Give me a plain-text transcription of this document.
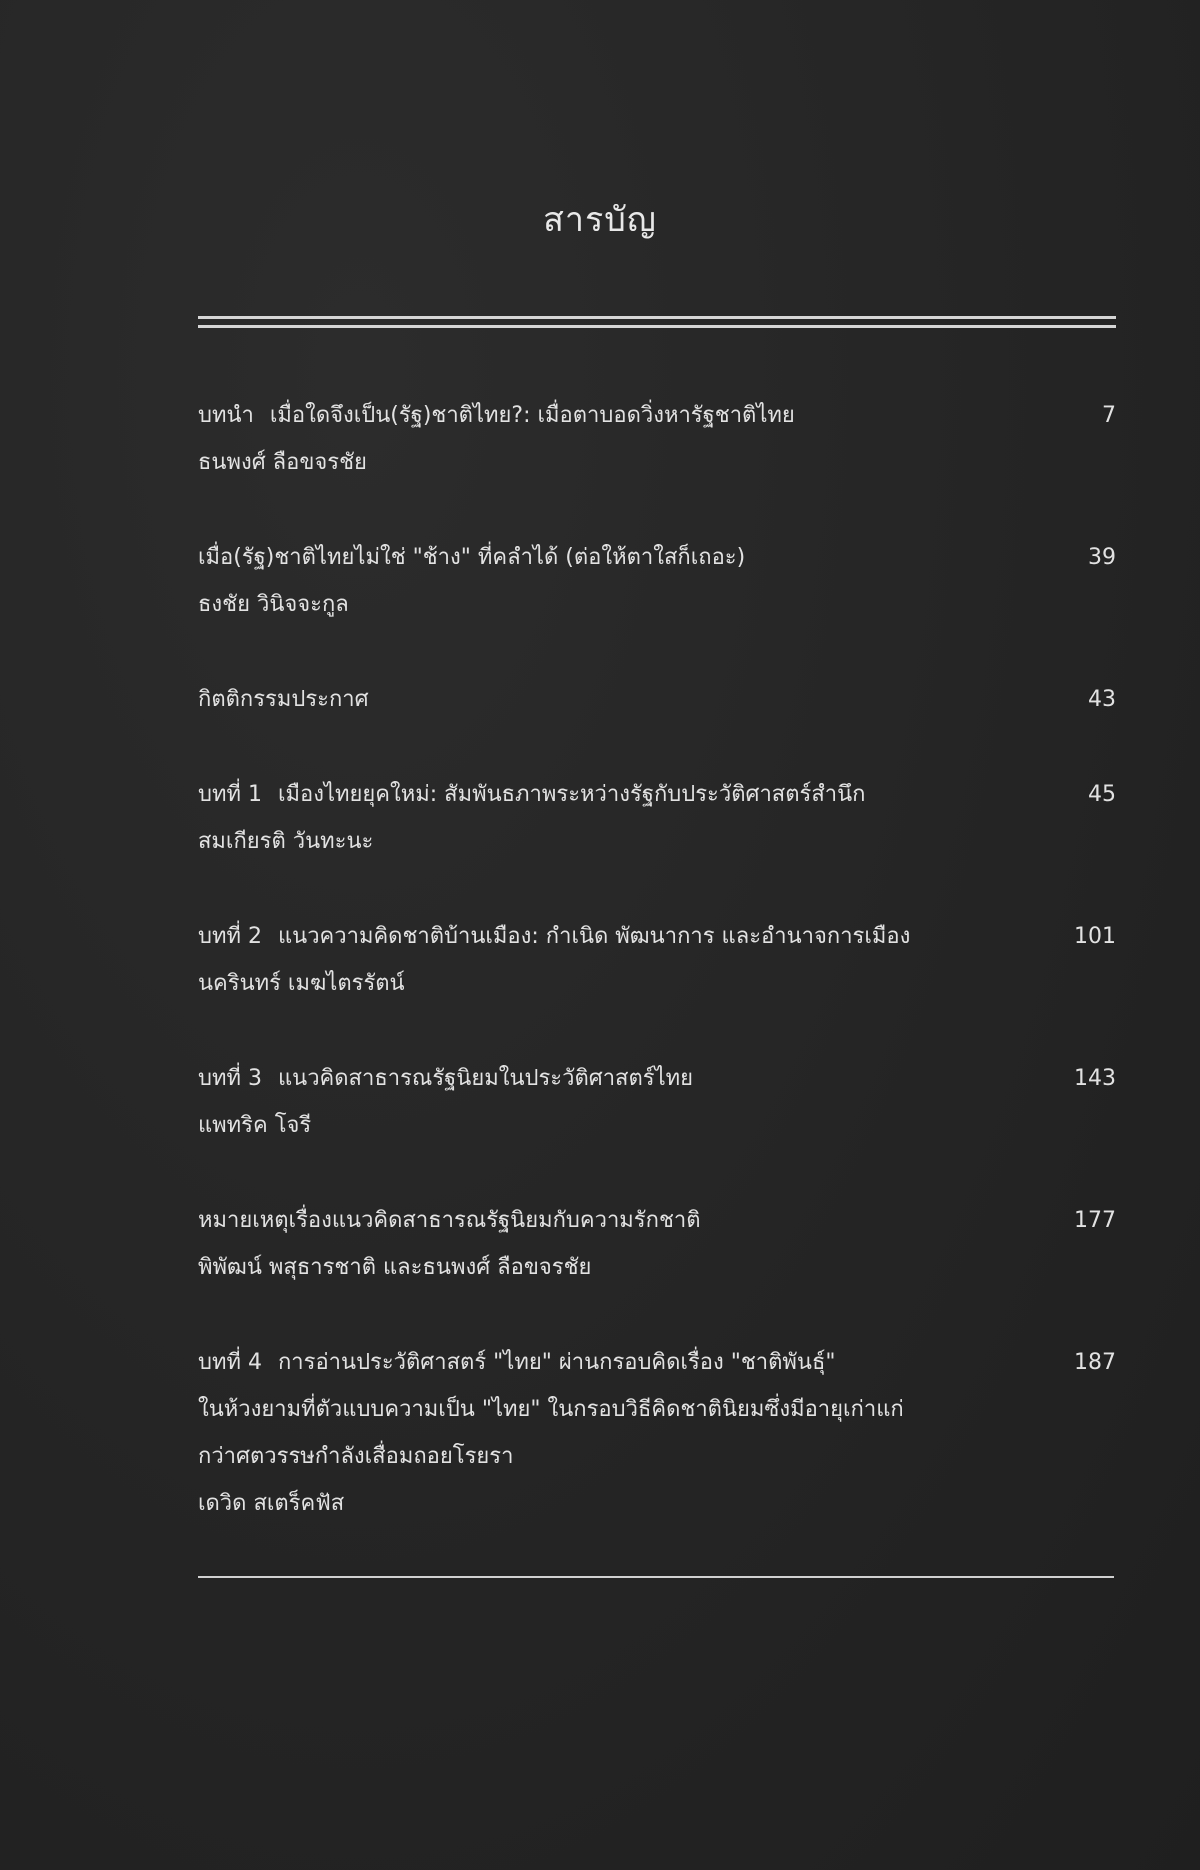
สารบัญ
บทนำ เมื่อใดจึงเป็น(รัฐ)ชาติไทย?: เมื่อตาบอดวิ่งหารัฐชาติไทย
ธนพงศ์ ลือขจรชัย
7
เมื่อ(รัฐ)ชาติไทยไม่ใช่ "ช้าง" ที่คลำได้ (ต่อให้ตาใสก็เถอะ)
ธงชัย วินิจจะกูล
39
กิตติกรรมประกาศ	43
บทที่ 1 เมืองไทยยุคใหม่: สัมพันธภาพระหว่างรัฐกับประวัติศาสตร์สำนึก
สมเกียรติ วันทะนะ
45
บทที่ 2 แนวความคิดชาติบ้านเมือง: กำเนิด พัฒนาการ และอำนาจการเมือง
นครินทร์ เมฆไตรรัตน์
101
บทที่ 3 แนวคิดสาธารณรัฐนิยมในประวัติศาสตร์ไทย
แพทริค โจรี
143
หมายเหตุเรื่องแนวคิดสาธารณรัฐนิยมกับความรักชาติ
พิพัฒน์ พสุธารชาติ และธนพงศ์ ลือขจรชัย
177
บทที่ 4 การอ่านประวัติศาสตร์ "ไทย" ผ่านกรอบคิดเรื่อง "ชาติพันธุ์"
ในห้วงยามที่ตัวแบบความเป็น "ไทย" ในกรอบวิธีคิดชาตินิยมซึ่งมีอายุเก่าแก่
กว่าศตวรรษกำลังเสื่อมถอยโรยรา
เดวิด สเตร็คฟัส
187
